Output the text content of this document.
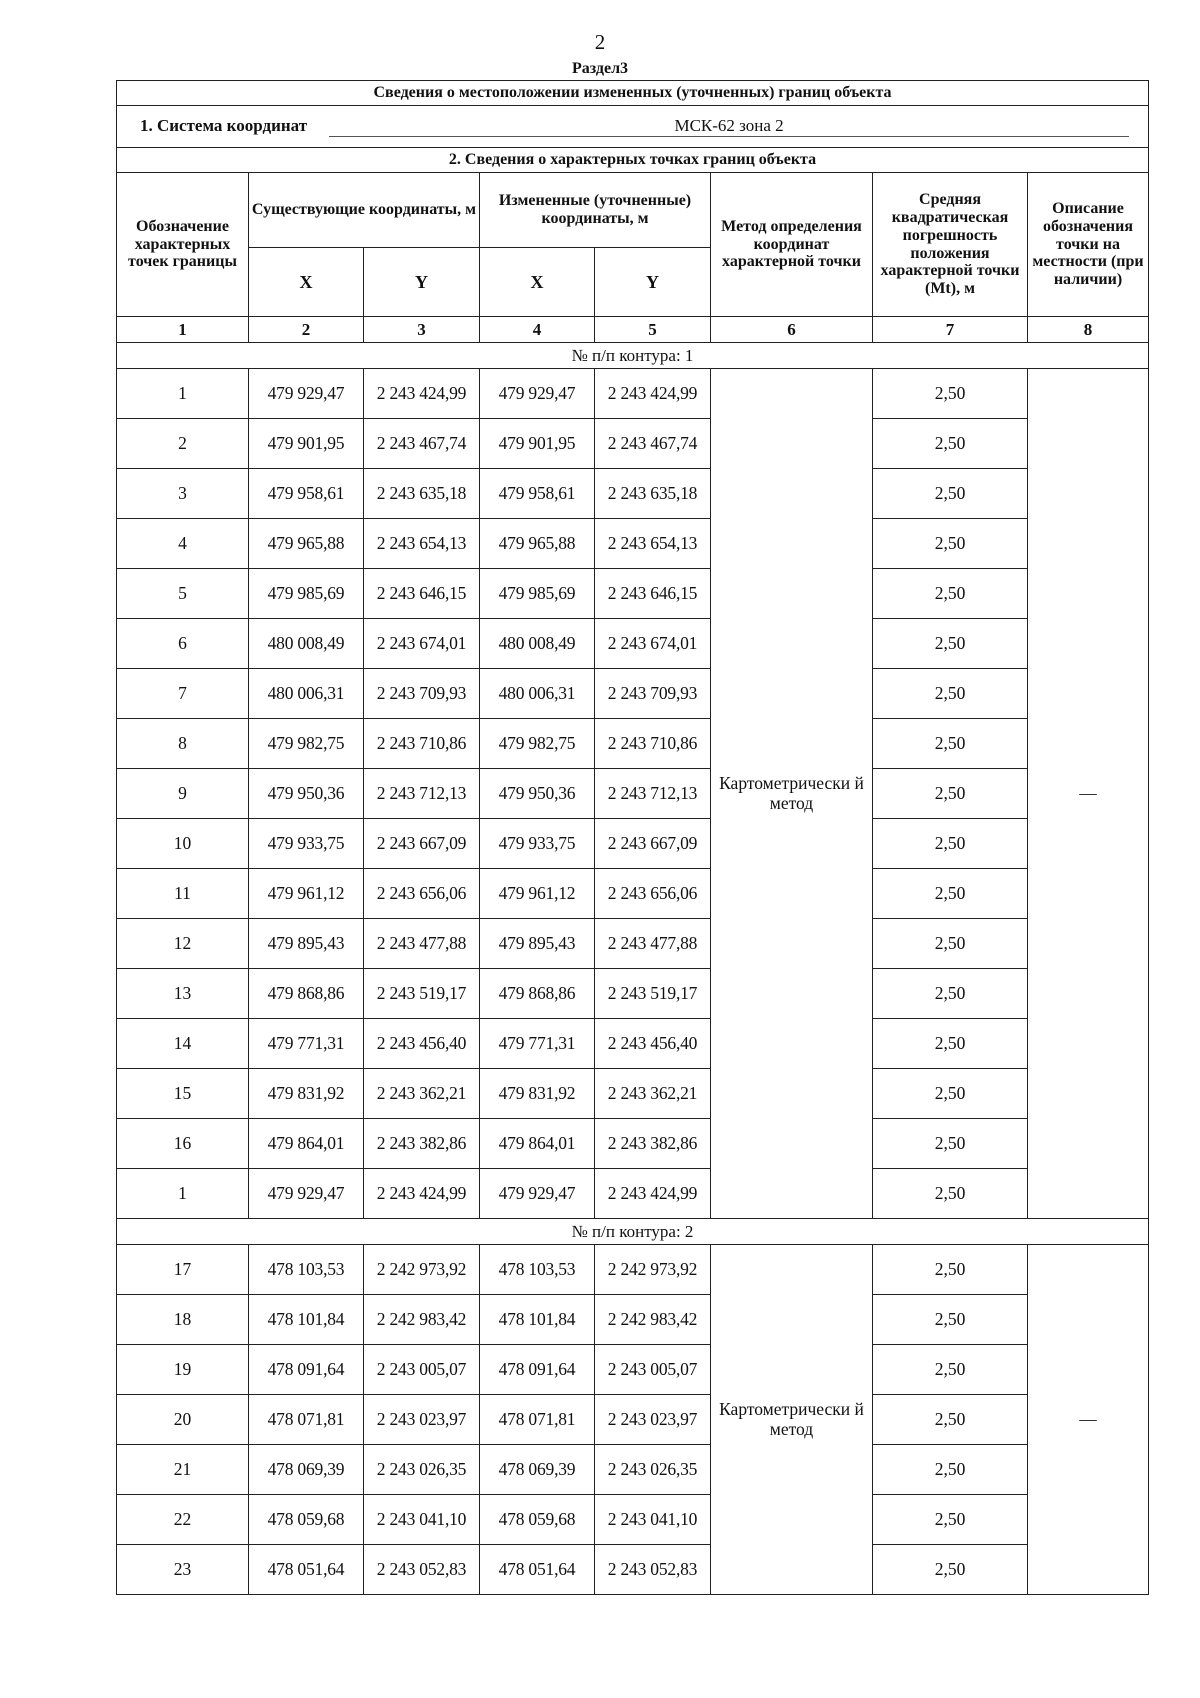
2
Раздел3
Сведения о местоположении измененных (уточненных) границ объекта							
1. Система координат МСК-62 зона 2							
2. Сведения о характерных точках границ объекта							
Обозначение характерных точек границы	Существующие координаты, м		Измененные (уточненные) координаты, м		Метод определения координат характерной точки	Средняя квадратическая погрешность положения характерной точки (Mt), м	Описание обозначения точки на местности (при наличии)
	X	Y	X	Y			
1	2	3	4	5	6	7	8
№ п/п контура: 1							
1	479 929,47	2 243 424,99	479 929,47	2 243 424,99	Картометрически й метод	2,50	—
2	479 901,95	2 243 467,74	479 901,95	2 243 467,74		2,50	
3	479 958,61	2 243 635,18	479 958,61	2 243 635,18		2,50	
4	479 965,88	2 243 654,13	479 965,88	2 243 654,13		2,50	
5	479 985,69	2 243 646,15	479 985,69	2 243 646,15		2,50	
6	480 008,49	2 243 674,01	480 008,49	2 243 674,01		2,50	
7	480 006,31	2 243 709,93	480 006,31	2 243 709,93		2,50	
8	479 982,75	2 243 710,86	479 982,75	2 243 710,86		2,50	
9	479 950,36	2 243 712,13	479 950,36	2 243 712,13		2,50	
10	479 933,75	2 243 667,09	479 933,75	2 243 667,09		2,50	
11	479 961,12	2 243 656,06	479 961,12	2 243 656,06		2,50	
12	479 895,43	2 243 477,88	479 895,43	2 243 477,88		2,50	
13	479 868,86	2 243 519,17	479 868,86	2 243 519,17		2,50	
14	479 771,31	2 243 456,40	479 771,31	2 243 456,40		2,50	
15	479 831,92	2 243 362,21	479 831,92	2 243 362,21		2,50	
16	479 864,01	2 243 382,86	479 864,01	2 243 382,86		2,50	
1	479 929,47	2 243 424,99	479 929,47	2 243 424,99		2,50	
№ п/п контура: 2							
17	478 103,53	2 242 973,92	478 103,53	2 242 973,92	Картометрически й метод	2,50	—
18	478 101,84	2 242 983,42	478 101,84	2 242 983,42		2,50	
19	478 091,64	2 243 005,07	478 091,64	2 243 005,07		2,50	
20	478 071,81	2 243 023,97	478 071,81	2 243 023,97		2,50	
21	478 069,39	2 243 026,35	478 069,39	2 243 026,35		2,50	
22	478 059,68	2 243 041,10	478 059,68	2 243 041,10		2,50	
23	478 051,64	2 243 052,83	478 051,64	2 243 052,83		2,50	
